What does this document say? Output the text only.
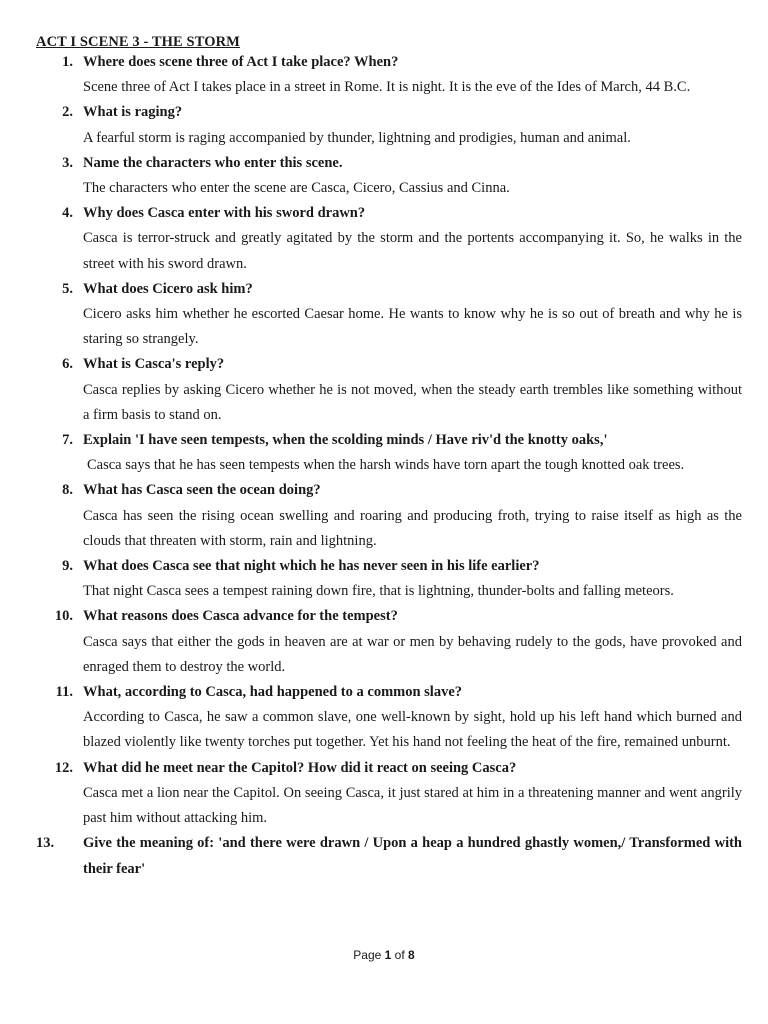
ACT I SCENE 3 - THE STORM
1. Where does scene three of Act I take place? When?
Scene three of Act I takes place in a street in Rome. It is night. It is the eve of the Ides of March, 44 B.C.
2. What is raging?
A fearful storm is raging accompanied by thunder, lightning and prodigies, human and animal.
3. Name the characters who enter this scene.
The characters who enter the scene are Casca, Cicero, Cassius and Cinna.
4. Why does Casca enter with his sword drawn?
Casca is terror-struck and greatly agitated by the storm and the portents accompanying it. So, he walks in the street with his sword drawn.
5. What does Cicero ask him?
Cicero asks him whether he escorted Caesar home. He wants to know why he is so out of breath and why he is staring so strangely.
6. What is Casca's reply?
Casca replies by asking Cicero whether he is not moved, when the steady earth trembles like something without a firm basis to stand on.
7. Explain 'I have seen tempests, when the scolding minds / Have riv'd the knotty oaks,'
Casca says that he has seen tempests when the harsh winds have torn apart the tough knotted oak trees.
8. What has Casca seen the ocean doing?
Casca has seen the rising ocean swelling and roaring and producing froth, trying to raise itself as high as the clouds that threaten with storm, rain and lightning.
9. What does Casca see that night which he has never seen in his life earlier?
That night Casca sees a tempest raining down fire, that is lightning, thunder-bolts and falling meteors.
10. What reasons does Casca advance for the tempest?
Casca says that either the gods in heaven are at war or men by behaving rudely to the gods, have provoked and enraged them to destroy the world.
11. What, according to Casca, had happened to a common slave?
According to Casca, he saw a common slave, one well-known by sight, hold up his left hand which burned and blazed violently like twenty torches put together. Yet his hand not feeling the heat of the fire, remained unburnt.
12. What did he meet near the Capitol? How did it react on seeing Casca?
Casca met a lion near the Capitol. On seeing Casca, it just stared at him in a threatening manner and went angrily past him without attacking him.
13.	Give the meaning of: 'and there were drawn / Upon a heap a hundred ghastly women,/ Transformed with their fear'
Page 1 of 8
